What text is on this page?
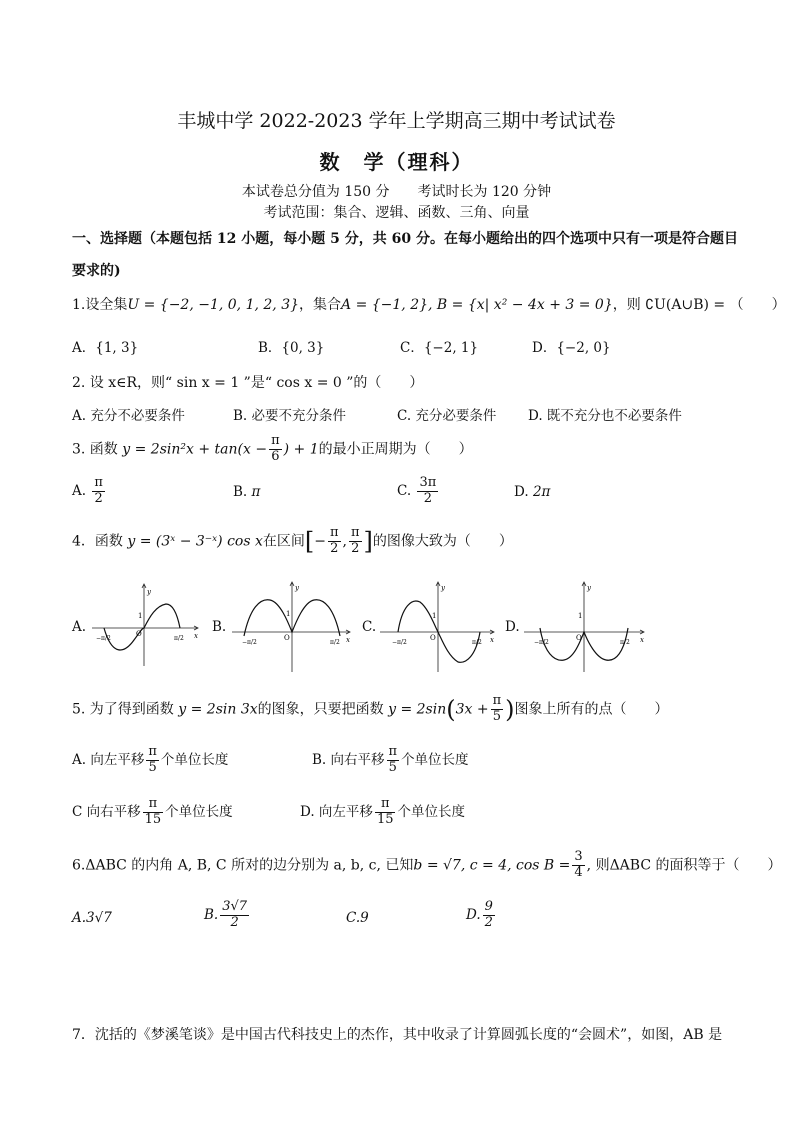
丰城中学 2022-2023 学年上学期高三期中考试试卷
数　学（理科）
本试卷总分值为 150 分　　考试时长为 120 分钟
考试范围：集合、逻辑、函数、三角、向量
一、选择题（本题包括 12 小题，每小题 5 分，共 60 分。在每小题给出的四个选项中只有一项是符合题目
要求的)
1.设全集U = {−2, −1, 0, 1, 2, 3}，集合A = {−1, 2}, B = {x| x² − 4x + 3 = 0}，则 ∁U(A∪B) = （　　）
A．{1, 3}	B．{0, 3}	C．{−2, 1}	D．{−2, 0}
2. 设 x∈R，则“ sin x = 1 ”是“ cos x = 0 ”的（　　）
A. 充分不必要条件	B. 必要不充分条件	C. 充分必要条件 D. 既不充分也不必要条件
3. 函数 $y = 2\sin^2x + \tan(x - \frac{\pi}{6}$ ) + 1的最小正周期为（　　）
A. $\frac{\pi}{2}$	B. π	C. $\frac{3\pi}{2}$	D. 2π
4．函数 y = (3ˣ − 3⁻ˣ) cos x在区间[− $\frac{\pi}{2}$ , $\frac{\pi}{2}$ ]的图像大致为（　　）
A.	B.	C.	D.
y
x
O
1
−π/2	π/2
y
x
O
1
−π/2	π/2
y
x
O
1
−π/2	π/2
y
x
O
1
−π/2	π/2
5. 为了得到函数 y = 2sin 3x的图象，只要把函数 $y = 2\sin(3x + \frac{\pi}{5}$ )图象上所有的点（　　）
A. 向左平移 $\frac{\pi}{5}$ 个单位长度	B. 向右平移 $\frac{\pi}{5}$ 个单位长度
C 向右平移 $\frac{\pi}{15}$ 个单位长度	D. 向左平移 $\frac{\pi}{15}$ 个单位长度
6.ΔABC 的内角 A, B, C 所对的边分别为 a, b, c, 已知b = √7, c = 4, $\cos B = \frac{3}{4}$ , 则ΔABC 的面积等于（　　）
A.3√7	B. $\frac{3√7}{2}$	C.9	D. $\frac{9}{2}$
7．沈括的《梦溪笔谈》是中国古代科技史上的杰作，其中收录了计算圆弧长度的“会圆术”，如图，AB 是
